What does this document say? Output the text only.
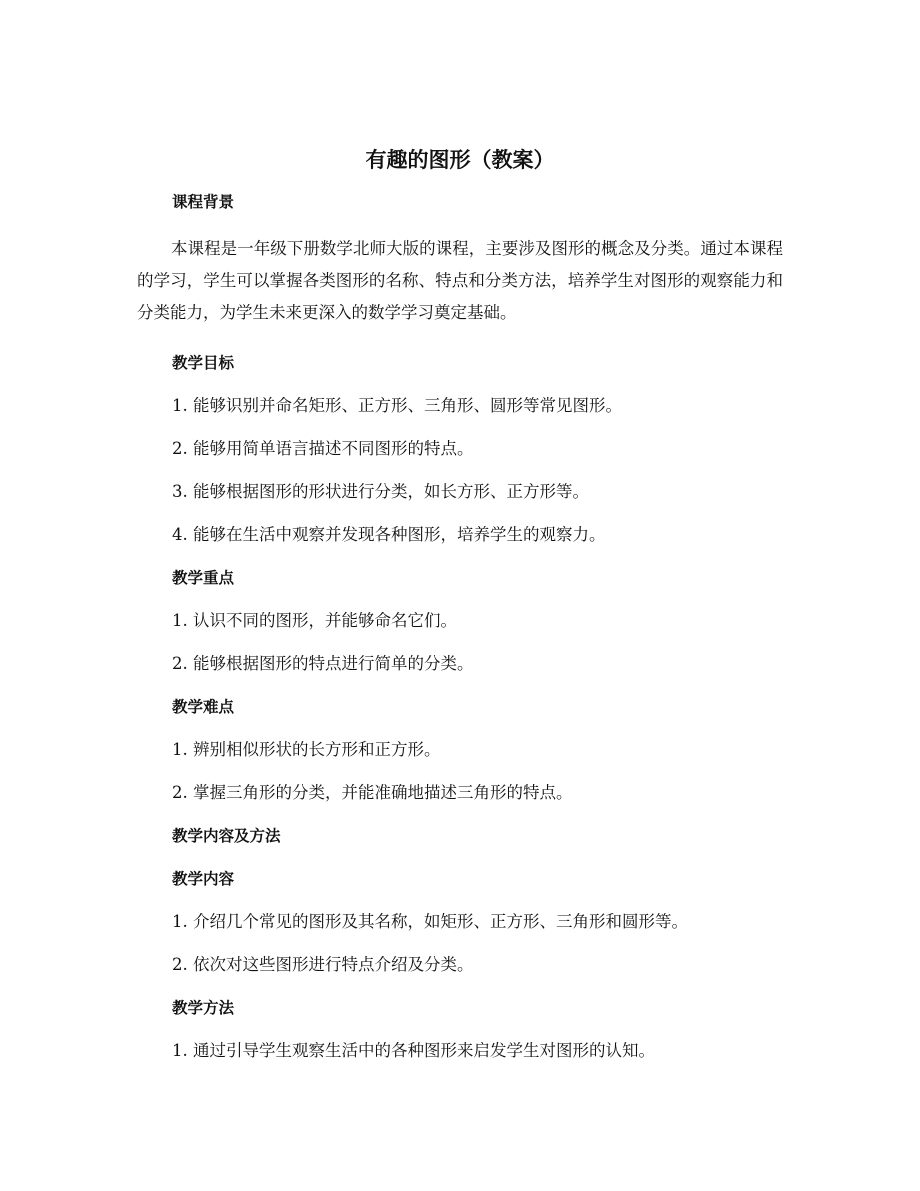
有趣的图形（教案）
课程背景
本课程是一年级下册数学北师大版的课程，主要涉及图形的概念及分类。通过本课程的学习，学生可以掌握各类图形的名称、特点和分类方法，培养学生对图形的观察能力和分类能力，为学生未来更深入的数学学习奠定基础。
教学目标
1. 能够识别并命名矩形、正方形、三角形、圆形等常见图形。
2. 能够用简单语言描述不同图形的特点。
3. 能够根据图形的形状进行分类，如长方形、正方形等。
4. 能够在生活中观察并发现各种图形，培养学生的观察力。
教学重点
1. 认识不同的图形，并能够命名它们。
2. 能够根据图形的特点进行简单的分类。
教学难点
1. 辨别相似形状的长方形和正方形。
2. 掌握三角形的分类，并能准确地描述三角形的特点。
教学内容及方法
教学内容
1. 介绍几个常见的图形及其名称，如矩形、正方形、三角形和圆形等。
2. 依次对这些图形进行特点介绍及分类。
教学方法
1. 通过引导学生观察生活中的各种图形来启发学生对图形的认知。
